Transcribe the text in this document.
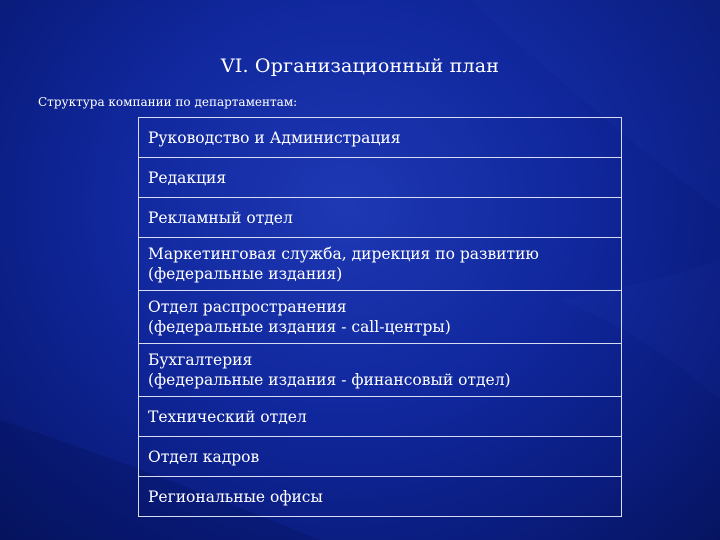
VI. Организационный план
Структура компании по департаментам:
Руководство и Администрация

Редакция

Рекламный отдел

Маркетинговая служба, дирекция по развитию
(федеральные издания)

Отдел распространения
(федеральные издания - call-центры)

Бухгалтерия
(федеральные издания - финансовый отдел)

Технический отдел

Отдел кадров

Региональные офисы
